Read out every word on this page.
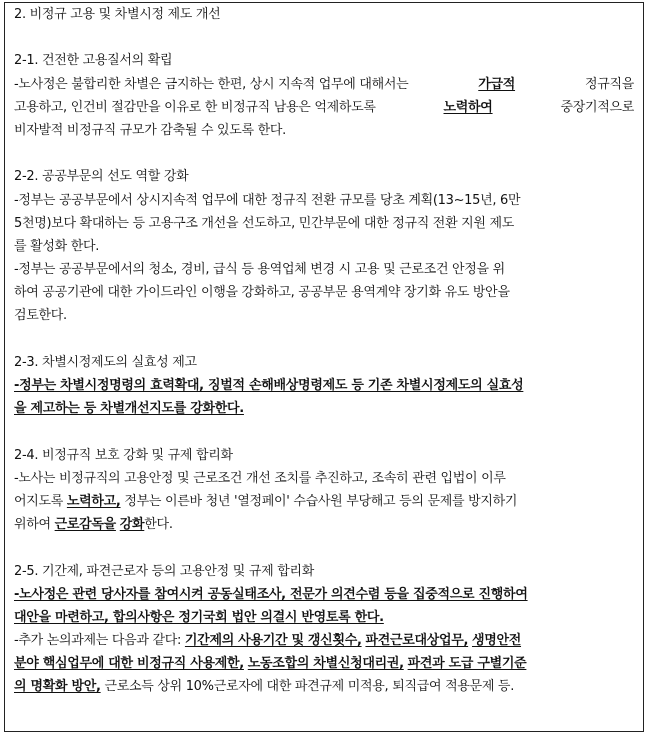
2. 비정규 고용 및 차별시정 제도 개선
2-1. 건전한 고용질서의 확립
-노사정은 불합리한 차별은 금지하는 한편, 상시 지속적 업무에 대해서는	가급적	정규직을
고용하고, 인건비 절감만을 이유로 한 비정규직 남용은 억제하도록	노력하여	중장기적으로
비자발적 비정규직 규모가 감축될 수 있도록 한다.
2-2. 공공부문의 선도 역할 강화
-정부는 공공부문에서 상시지속적 업무에 대한 정규직 전환 규모를 당초 계획(13~15년, 6만
5천명)보다 확대하는 등 고용구조 개선을 선도하고, 민간부문에 대한 정규직 전환 지원 제도
를 활성화 한다.
-정부는 공공부문에서의 청소, 경비, 급식 등 용역업체 변경 시 고용 및 근로조건 안정을 위
하여 공공기관에 대한 가이드라인 이행을 강화하고, 공공부문 용역계약 장기화 유도 방안을
검토한다.
2-3. 차별시정제도의 실효성 제고
-정부는 차별시정명령의 효력확대, 징벌적 손해배상명령제도 등 기존 차별시정제도의 실효성
을 제고하는 등 차별개선지도를 강화한다.
2-4. 비정규직 보호 강화 및 규제 합리화
-노사는 비정규직의 고용안정 및 근로조건 개선 조치를 추진하고, 조속히 관련 입법이 이루
어지도록 노력하고, 정부는 이른바 청년 '열정페이' 수습사원 부당해고 등의 문제를 방지하기
위하여 근로감독을 강화한다.
2-5. 기간제, 파견근로자 등의 고용안정 및 규제 합리화
-노사정은 관련 당사자를 참여시켜 공동실태조사, 전문가 의견수렴 등을 집중적으로 진행하여
대안을 마련하고, 합의사항은 정기국회 법안 의결시 반영토록 한다.
-추가 논의과제는 다음과 같다: 기간제의 사용기간 및 갱신횟수, 파견근로대상업무, 생명안전
분야 핵심업무에 대한 비정규직 사용제한, 노동조합의 차별신청대리권, 파견과 도급 구별기준
의 명확화 방안, 근로소득 상위 10%근로자에 대한 파견규제 미적용, 퇴직급여 적용문제 등.
